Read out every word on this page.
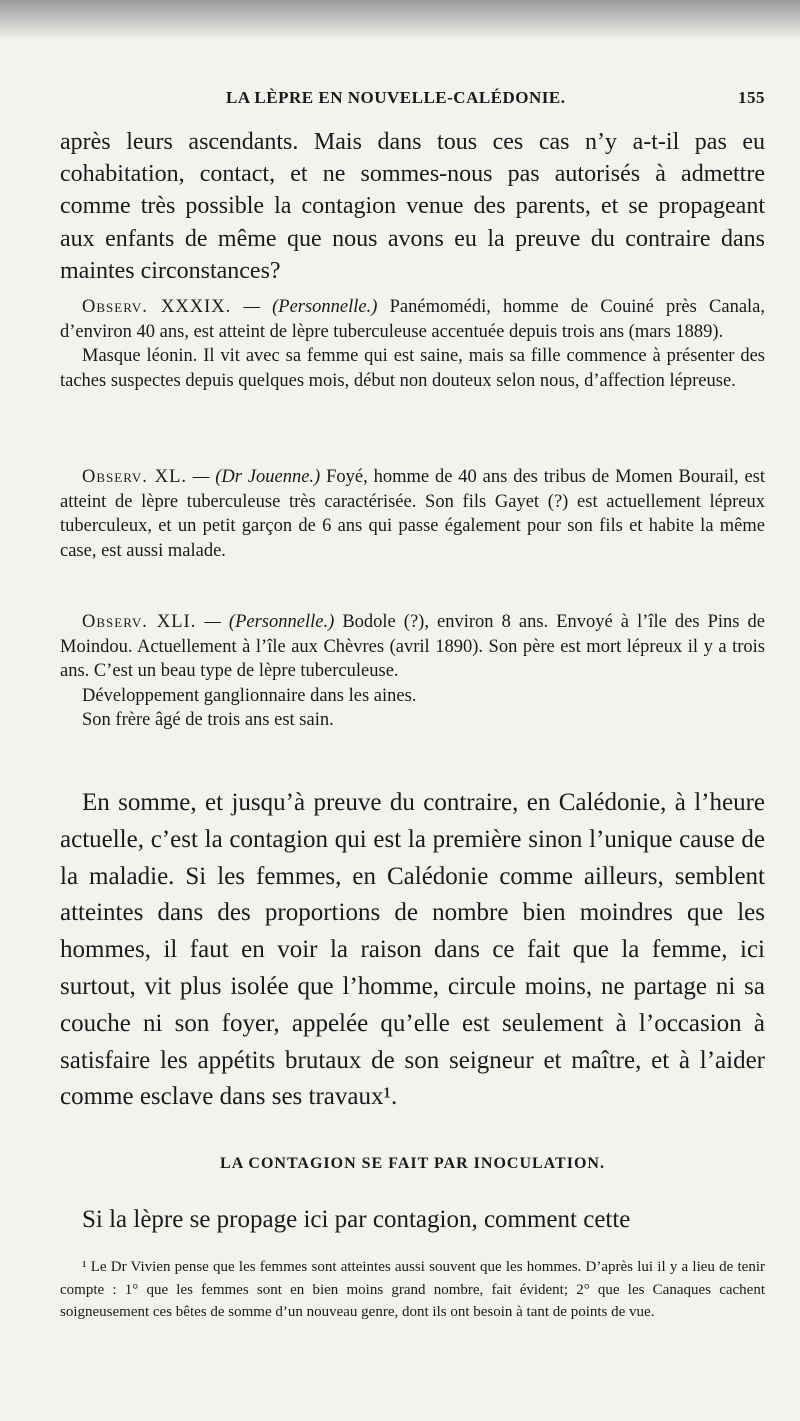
LA LÈPRE EN NOUVELLE-CALÉDONIE.	155

après leurs ascendants. Mais dans tous ces cas n’y a-t-il pas eu cohabitation, contact, et ne sommes-nous pas autorisés à admettre comme très possible la contagion venue des parents, et se propageant aux enfants de même que nous avons eu la preuve du contraire dans maintes circonstances?

Observ. XXXIX. — (Personnelle.) Panémomédi, homme de Couiné près Canala, d’environ 40 ans, est atteint de lèpre tuberculeuse accentuée depuis trois ans (mars 1889).
Masque léonin. Il vit avec sa femme qui est saine, mais sa fille commence à présenter des taches suspectes depuis quelques mois, début non douteux selon nous, d’affection lépreuse.
Observ. XL. — (Dr Jouenne.) Foyé, homme de 40 ans des tribus de Momen Bourail, est atteint de lèpre tuberculeuse très caractérisée. Son fils Gayet (?) est actuellement lépreux tuberculeux, et un petit garçon de 6 ans qui passe également pour son fils et habite la même case, est aussi malade.
Observ. XLI. — (Personnelle.) Bodole (?), environ 8 ans. Envoyé à l’île des Pins de Moindou. Actuellement à l’île aux Chèvres (avril 1890). Son père est mort lépreux il y a trois ans. C’est un beau type de lèpre tuberculeuse.
Développement ganglionnaire dans les aines.
Son frère âgé de trois ans est sain.

En somme, et jusqu’à preuve du contraire, en Calédonie, à l’heure actuelle, c’est la contagion qui est la première sinon l’unique cause de la maladie. Si les femmes, en Calédonie comme ailleurs, semblent atteintes dans des proportions de nombre bien moindres que les hommes, il faut en voir la raison dans ce fait que la femme, ici surtout, vit plus isolée que l’homme, circule moins, ne partage ni sa couche ni son foyer, appelée qu’elle est seulement à l’occasion à satisfaire les appétits brutaux de son seigneur et maître, et à l’aider comme esclave dans ses travaux¹.

LA CONTAGION SE FAIT PAR INOCULATION.

Si la lèpre se propage ici par contagion, comment cette

¹ Le Dr Vivien pense que les femmes sont atteintes aussi souvent que les hommes. D’après lui il y a lieu de tenir compte : 1° que les femmes sont en bien moins grand nombre, fait évident; 2° que les Canaques cachent soigneusement ces bêtes de somme d’un nouveau genre, dont ils ont besoin à tant de points de vue.
